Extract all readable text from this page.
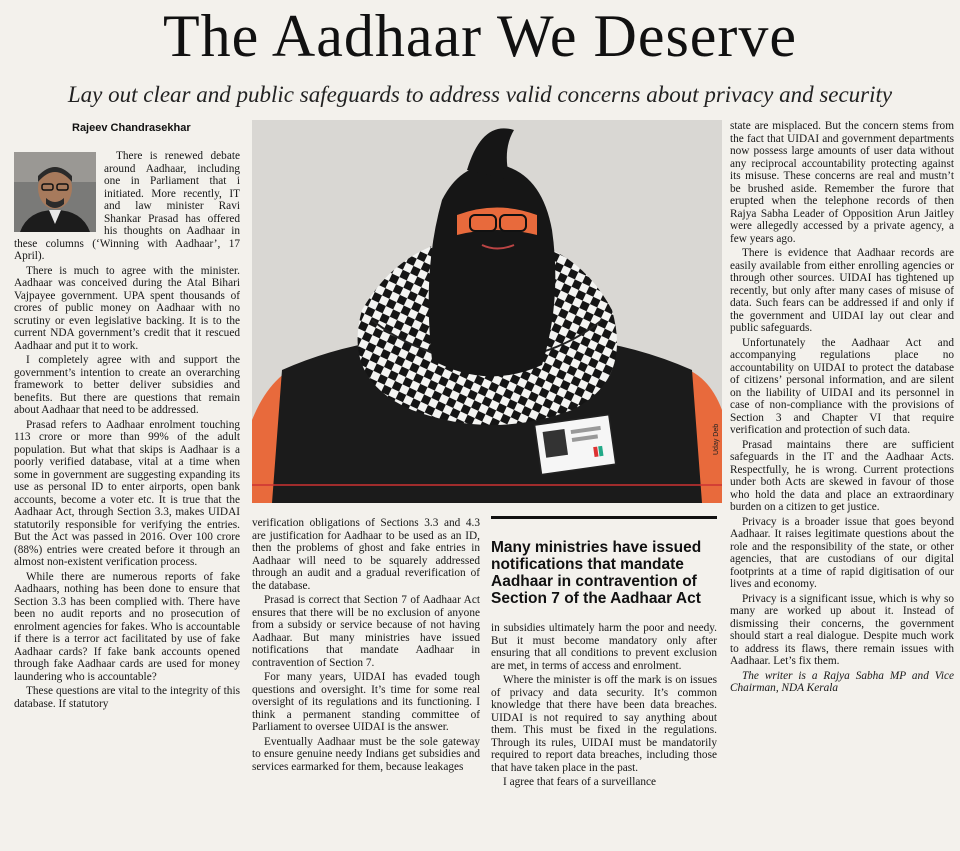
The Aadhaar We Deserve
Lay out clear and public safeguards to address valid concerns about privacy and security
Rajeev Chandrasekhar

There is renewed debate around Aadhaar, including one in Parliament that i initiated. More recently, IT and law minister Ravi Shankar Prasad has offered his thoughts on Aadhaar in these columns (‘Winning with Aadhaar’, 17 April).

There is much to agree with the minister. Aadhaar was conceived during the Atal Bihari Vajpayee government. UPA spent thousands of crores of public money on Aadhaar with no scrutiny or even legislative backing. It is to the current NDA government’s credit that it rescued Aadhaar and put it to work.

I completely agree with and support the government’s intention to create an overarching framework to better deliver subsidies and benefits. But there are questions that remain about Aadhaar that need to be addressed.

Prasad refers to Aadhaar enrolment touching 113 crore or more than 99% of the adult population. But what that skips is Aadhaar is a poorly verified database, vital at a time when some in government are suggesting expanding its use as personal ID to enter airports, open bank accounts, become a voter etc. It is true that the Aadhaar Act, through Section 3.3, makes UIDAI statutorily responsible for verifying the entries. But the Act was passed in 2016. Over 100 crore (88%) entries were created before it through an almost non-existent verification process.

While there are numerous reports of fake Aadhaars, nothing has been done to ensure that Section 3.3 has been complied with. There have been no audit reports and no prosecution of enrolment agencies for fakes. Who is accountable if there is a terror act facilitated by use of fake Aadhaar cards? If fake bank accounts opened through fake Aadhaar cards are used for money laundering who is accountable?

These questions are vital to the integrity of this database. If statutory

Uday Deb

verification obligations of Sections 3.3 and 4.3 are justification for Aadhaar to be used as an ID, then the problems of ghost and fake entries in Aadhaar will need to be squarely addressed through an audit and a gradual reverification of the database.

Prasad is correct that Section 7 of Aadhaar Act ensures that there will be no exclusion of anyone from a subsidy or service because of not having Aadhaar. But many ministries have issued notifications that mandate Aadhaar in contravention of Section 7.

For many years, UIDAI has evaded tough questions and oversight. It’s time for some real oversight of its regulations and its functioning. I think a permanent standing committee of Parliament to oversee UIDAI is the answer.

Eventually Aadhaar must be the sole gateway to ensure genuine needy Indians get subsidies and services earmarked for them, because leakages

Many ministries have issued notifications that mandate Aadhaar in contravention of Section 7 of the Aadhaar Act

in subsidies ultimately harm the poor and needy. But it must become mandatory only after ensuring that all conditions to prevent exclusion are met, in terms of access and enrolment.

Where the minister is off the mark is on issues of privacy and data security. It’s common knowledge that there have been data breaches. UIDAI is not required to say anything about them. This must be fixed in the regulations. Through its rules, UIDAI must be mandatorily required to report data breaches, including those that have taken place in the past.

I agree that fears of a surveillance

state are misplaced. But the concern stems from the fact that UIDAI and government departments now possess large amounts of user data without any reciprocal accountability protecting against its misuse. These concerns are real and mustn’t be brushed aside. Remember the furore that erupted when the telephone records of then Rajya Sabha Leader of Opposition Arun Jaitley were allegedly accessed by a private agency, a few years ago.

There is evidence that Aadhaar records are easily available from either enrolling agencies or through other sources. UIDAI has tightened up recently, but only after many cases of misuse of data. Such fears can be addressed if and only if the government and UIDAI lay out clear and public safeguards.

Unfortunately the Aadhaar Act and accompanying regulations place no accountability on UIDAI to protect the database of citizens’ personal information, and are silent on the liability of UIDAI and its personnel in case of non-compliance with the provisions of Section 3 and Chapter VI that require verification and protection of such data.

Prasad maintains there are sufficient safeguards in the IT and the Aadhaar Acts. Respectfully, he is wrong. Current protections under both Acts are skewed in favour of those who hold the data and place an extraordinary burden on a citizen to get justice.

Privacy is a broader issue that goes beyond Aadhaar. It raises legitimate questions about the role and the responsibility of the state, or other agencies, that are custodians of our digital footprints at a time of rapid digitisation of our lives and economy.

Privacy is a significant issue, which is why so many are worked up about it. Instead of dismissing their concerns, the government should start a real dialogue. Despite much work to address its flaws, there remain issues with Aadhaar. Let’s fix them.

The writer is a Rajya Sabha MP and Vice Chairman, NDA Kerala
